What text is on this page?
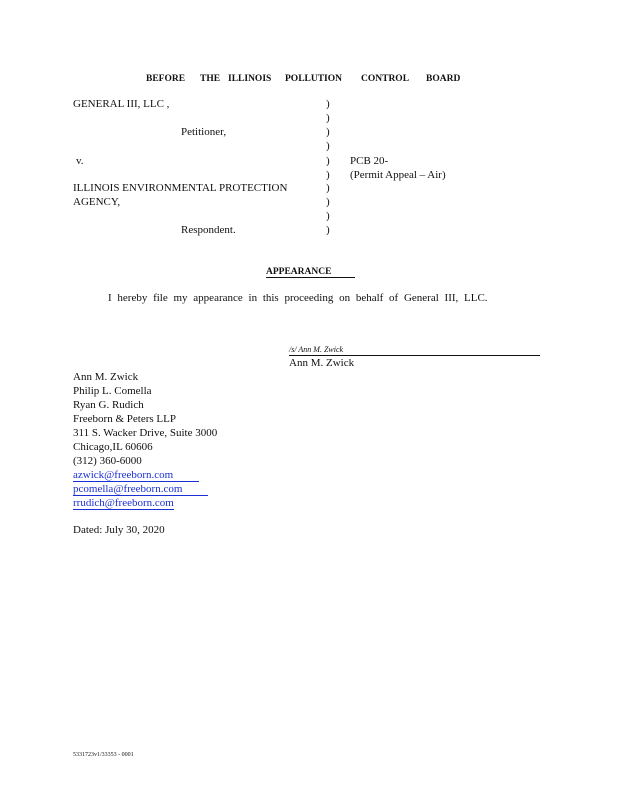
BEFORE THE ILLINOIS POLLUTION CONTROL BOARD
GENERAL III, LLC ,
Petitioner,
v.
ILLINOIS ENVIRONMENTAL PROTECTION
AGENCY,
Respondent.
)
)
)
)
)
)
)
)
)
)
PCB 20-
(Permit Appeal – Air)
APPEARANCE
I hereby file my appearance in this proceeding on behalf of General III, LLC.
/s/ Ann M. Zwick
Ann M. Zwick
Ann M. Zwick
Philip L. Comella
Ryan G. Rudich
Freeborn & Peters LLP
311 S. Wacker Drive, Suite 3000
Chicago,IL 60606
(312) 360-6000
azwick@freeborn.com
pcomella@freeborn.com
rrudich@freeborn.com
Dated: July 30, 2020
5331723v1/33353 - 0001
